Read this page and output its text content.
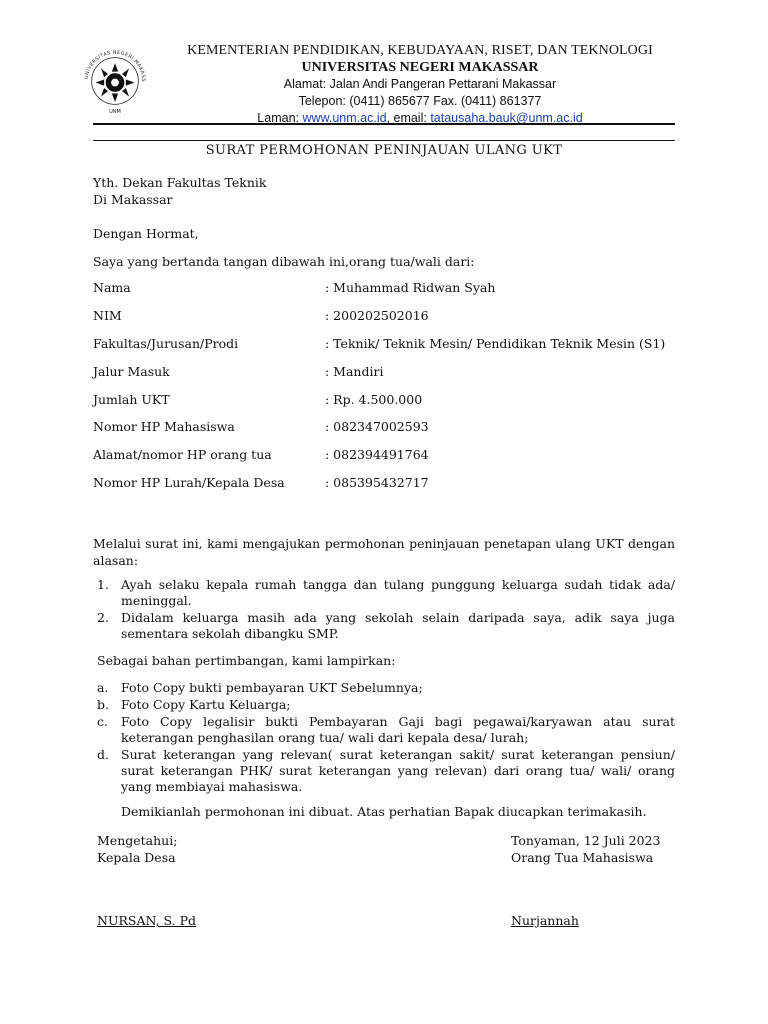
UNIVERSITAS NEGERI MAKASS
UNM
KEMENTERIAN PENDIDIKAN, KEBUDAYAAN, RISET, DAN TEKNOLOGI
UNIVERSITAS NEGERI MAKASSAR
Alamat: Jalan Andi Pangeran Pettarani Makassar
Telepon: (0411) 865677 Fax. (0411) 861377
Laman: www.unm.ac.id, email: tatausaha.bauk@unm.ac.id
SURAT PERMOHONAN PENINJAUAN ULANG UKT
Yth. Dekan Fakultas Teknik
Di Makassar
Dengan Hormat,
Saya yang bertanda tangan dibawah ini,orang tua/wali dari:
Nama	: Muhammad Ridwan Syah
NIM	: 200202502016
Fakultas/Jurusan/Prodi	: Teknik/ Teknik Mesin/ Pendidikan Teknik Mesin (S1)
Jalur Masuk	: Mandiri
Jumlah UKT	: Rp. 4.500.000
Nomor HP Mahasiswa	: 082347002593
Alamat/nomor HP orang tua	: 082394491764
Nomor HP Lurah/Kepala Desa	: 085395432717
Melalui surat ini, kami mengajukan permohonan peninjauan penetapan ulang UKT dengan alasan:
1. Ayah selaku kepala rumah tangga dan tulang punggung keluarga sudah tidak ada/ meninggal.
2. Didalam keluarga masih ada yang sekolah selain daripada saya, adik saya juga sementara sekolah dibangku SMP.
Sebagai bahan pertimbangan, kami lampirkan:
a.	Foto Copy bukti pembayaran UKT Sebelumnya;
b. Foto Copy Kartu Keluarga;
c.	Foto Copy legalisir bukti Pembayaran Gaji bagi pegawai/karyawan atau surat keterangan penghasilan orang tua/ wali dari kepala desa/ lurah;
d. Surat keterangan yang relevan( surat keterangan sakit/ surat keterangan pensiun/ surat keterangan PHK/ surat keterangan yang relevan) dari orang tua/ wali/ orang yang membiayai mahasiswa.
Demikianlah permohonan ini dibuat. Atas perhatian Bapak diucapkan terimakasih.
Mengetahui;
Kepala Desa
NURSAN, S. Pd
Tonyaman, 12 Juli 2023
Orang Tua Mahasiswa
Nurjannah
